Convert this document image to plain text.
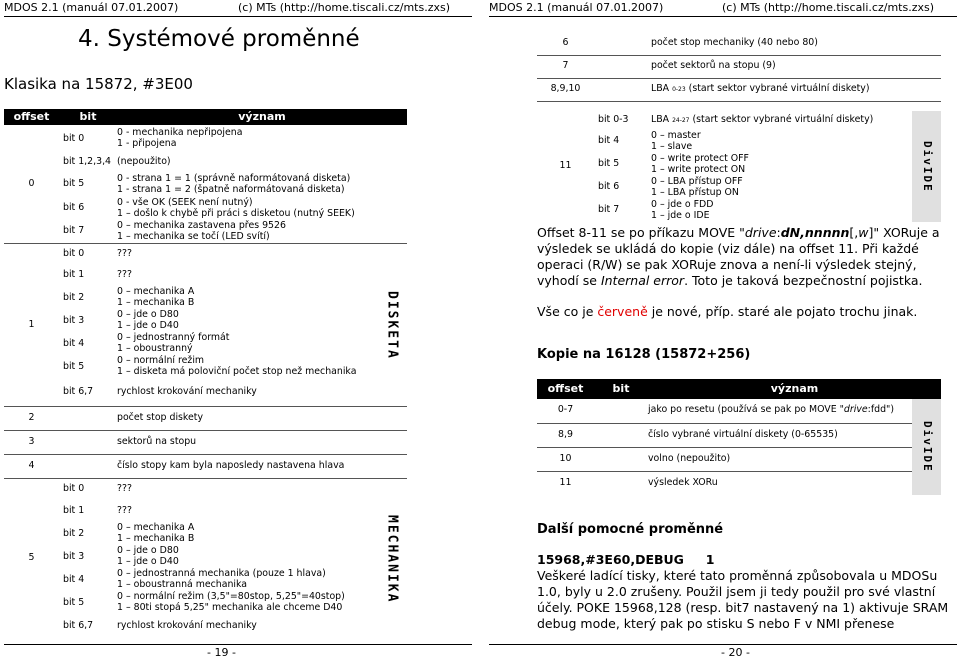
MDOS 2.1 (manuál 07.01.2007)	(c) MTs (http://home.tiscali.cz/mts.zxs)	MDOS 2.1 (manuál 07.01.2007)	(c) MTs (http://home.tiscali.cz/mts.zxs)
4. Systémové proměnné
Klasika na 15872, #3E00
offset	bit	význam	
0	bit 0	0 - mechanika nepřipojena
1 - připojena	

	bit 1,2,3,4	(nepoužito)	
	bit 5	0 - strana 1 = 1 (správně naformátovaná disketa)
1 - strana 1 = 2 (špatně naformátovaná disketa)	

	bit 6	0 - vše OK (SEEK není nutný)
1 – došlo k chybě při práci s disketou (nutný SEEK)	

	bit 7	0 – mechanika zastavena přes 9526
1 – mechanika se točí (LED svítí)	

1	bit 0	???	DISKETA

	bit 1	???	
	bit 2	0 – mechanika A
1 – mechanika B	

	bit 3	0 – jde o D80
1 – jde o D40	

	bit 4	0 – jednostranný formát
1 – oboustranný	

	bit 5	0 – normální režim
1 – disketa má poloviční počet stop než mechanika	

	bit 6,7	rychlost krokování mechaniky	
2		počet stop diskety	
3		sektorů na stopu	
4		číslo stopy kam byla naposledy nastavena hlava	
5	bit 0	???	MECHANIKA

	bit 1	???	
	bit 2	0 – mechanika A
1 – mechanika B	

	bit 3	0 – jde o D80
1 – jde o D40	

	bit 4	0 – jednostranná mechanika (pouze 1 hlava)
1 – oboustranná mechanika	

	bit 5	0 – normální režim (3,5"=80stop, 5,25"=40stop)
1 – 80ti stopá 5,25" mechanika ale chceme D40	

	bit 6,7	rychlost krokování mechaniky	
- 19 -
6		počet stop mechaniky (40 nebo 80)	
7		počet sektorů na stopu (9)	
8,9,10		LBA 0-23 (start sektor vybrané virtuální diskety)	

11	bit 0-3	LBA 24-27 (start sektor vybrané virtuální diskety)	DivIDE

	bit 4	0 – master
1 – slave	

	bit 5	0 – write protect OFF
1 – write protect ON	

	bit 6	0 – LBA přístup OFF
1 – LBA přístup ON	

	bit 7	0 – jde o FDD
1 – jde o IDE	

Offset 8-11 se po příkazu MOVE "drive:dN,nnnnn[,w]" XORuje a výsledek se ukládá do kopie (viz dále) na offset 11. Při každé operaci (R/W) se pak XORuje znova a není-li výsledek stejný, vyhodí se Internal error. Toto je taková bezpečnostní pojistka.

Vše co je červeně je nové, příp. staré ale pojato trochu jinak.

Kopie na 16128 (15872+256)
offset	bit	význam	
0-7		jako po resetu (používá se pak po MOVE "drive:fdd")	DivIDE

8,9		číslo vybrané virtuální diskety (0-65535)	
10		volno (nepoužito)	
11		výsledek XORu	
Další pomocné proměnné
15968,#3E60,DEBUG     1

Veškeré ladící tisky, které tato proměnná způsobovala u MDOSu 1.0, byly u 2.0 zrušeny. Použil jsem ji tedy použil pro své vlastní účely. POKE 15968,128 (resp. bit7 nastavený na 1) aktivuje SRAM debug mode, který pak po stisku S nebo F v NMI přenese

- 20 -
